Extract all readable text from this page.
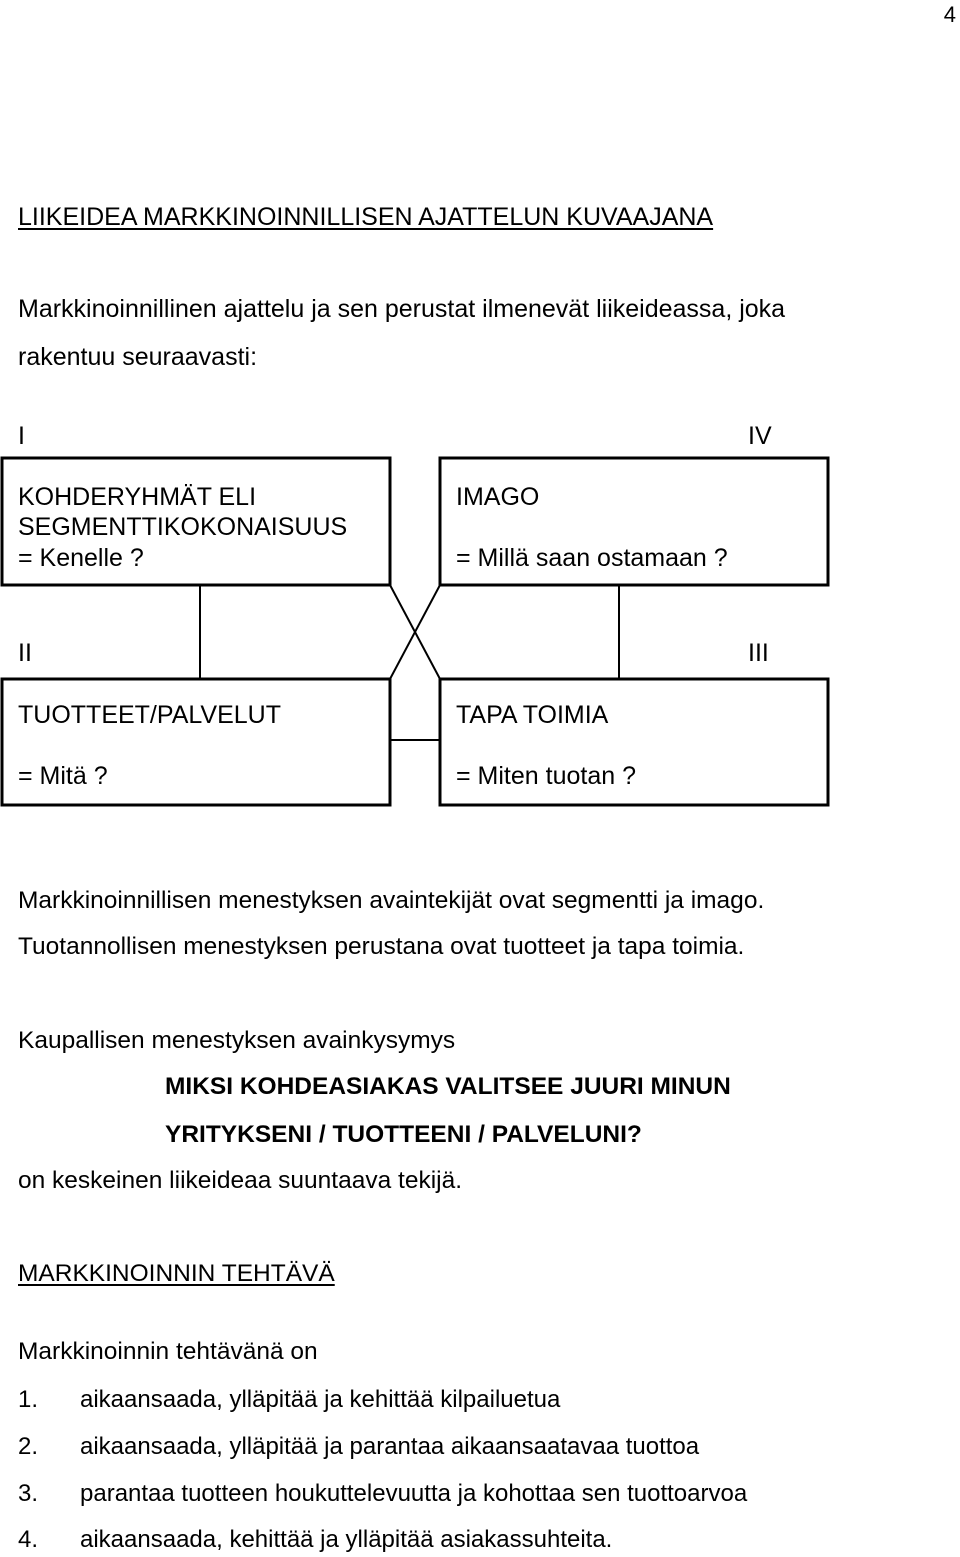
4
LIIKEIDEA MARKKINOINNILLISEN AJATTELUN KUVAAJANA
Markkinoinnillinen ajattelu ja sen perustat ilmenevät liikeideassa, joka
rakentuu seuraavasti:
I	IV
KOHDERYHMÄT ELI
SEGMENTTIKOKONAISUUS
= Kenelle ?
IMAGO
= Millä saan ostamaan ?
II	III
TUOTTEET/PALVELUT
= Mitä ?
TAPA TOIMIA
= Miten tuotan ?
Markkinoinnillisen menestyksen avaintekijät ovat segmentti ja imago.
Tuotannollisen menestyksen perustana ovat tuotteet ja tapa toimia.
Kaupallisen menestyksen avainkysymys
MIKSI KOHDEASIAKAS VALITSEE JUURI MINUN
YRITYKSENI / TUOTTEENI / PALVELUNI?
on keskeinen liikeideaa suuntaava tekijä.
MARKKINOINNIN TEHTÄVÄ
Markkinoinnin tehtävänä on
1. aikaansaada, ylläpitää ja kehittää kilpailuetua
2. aikaansaada, ylläpitää ja parantaa aikaansaatavaa tuottoa
3. parantaa tuotteen houkuttelevuutta ja kohottaa sen tuottoarvoa
4. aikaansaada, kehittää ja ylläpitää asiakassuhteita.
